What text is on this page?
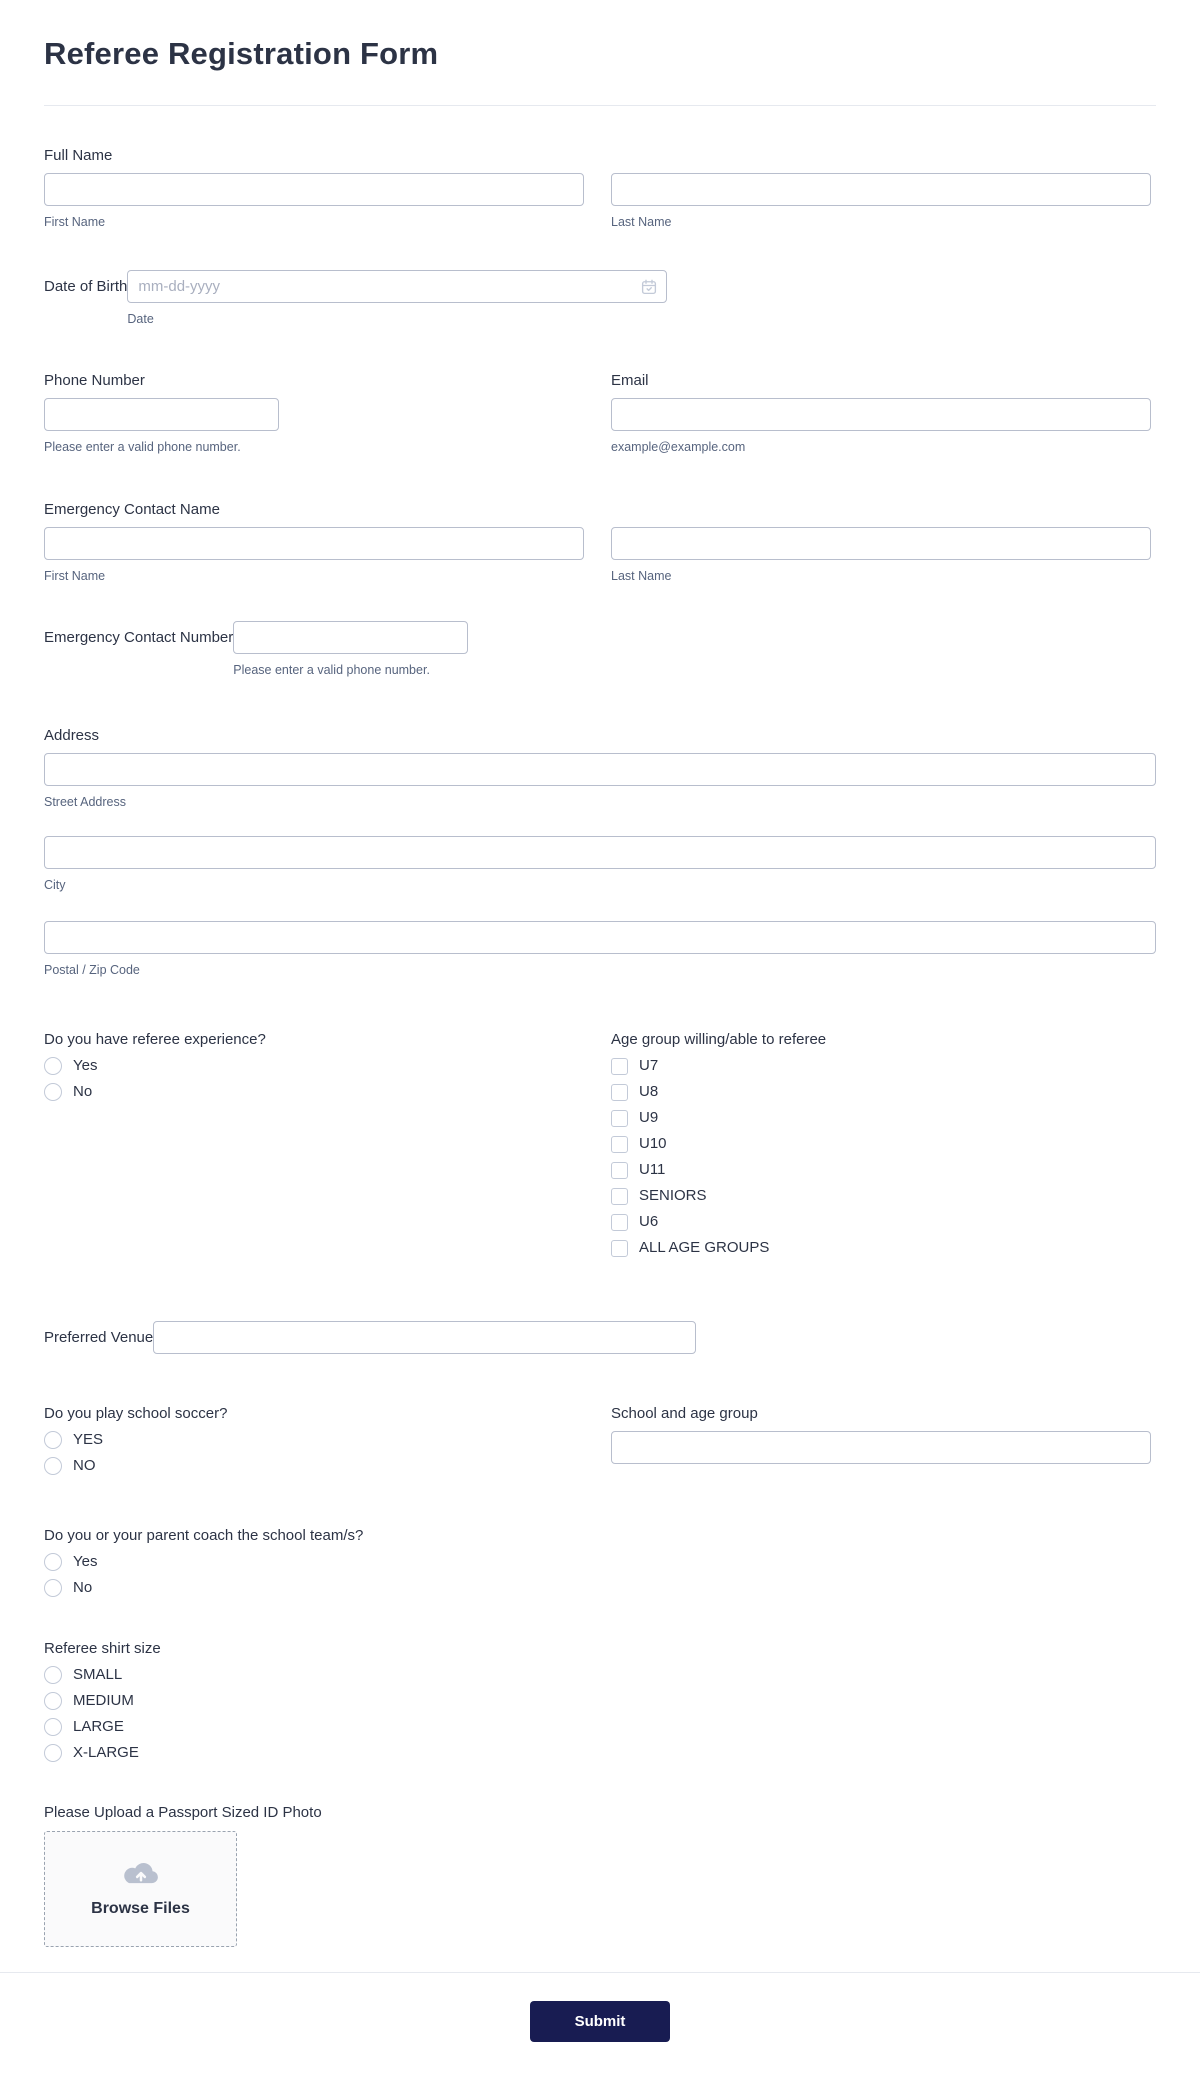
Referee Registration Form
Full Name
First Name	Last Name
Date of Birth
mm-dd-yyyy
Date
Phone Number
Please enter a valid phone number.
Email
example@example.com
Emergency Contact Name
First Name	Last Name
Emergency Contact Number
Please enter a valid phone number.
Address
Street Address
City
Postal / Zip Code
Do you have referee experience?
Yes
No
Age group willing/able to referee
U7
U8
U9
U10
U11
SENIORS
U6
ALL AGE GROUPS
Preferred Venue
Do you play school soccer?
YES
NO
School and age group
Do you or your parent coach the school team/s?
Yes
No
Referee shirt size
SMALL
MEDIUM
LARGE
X-LARGE
Please Upload a Passport Sized ID Photo
Browse Files
Submit
